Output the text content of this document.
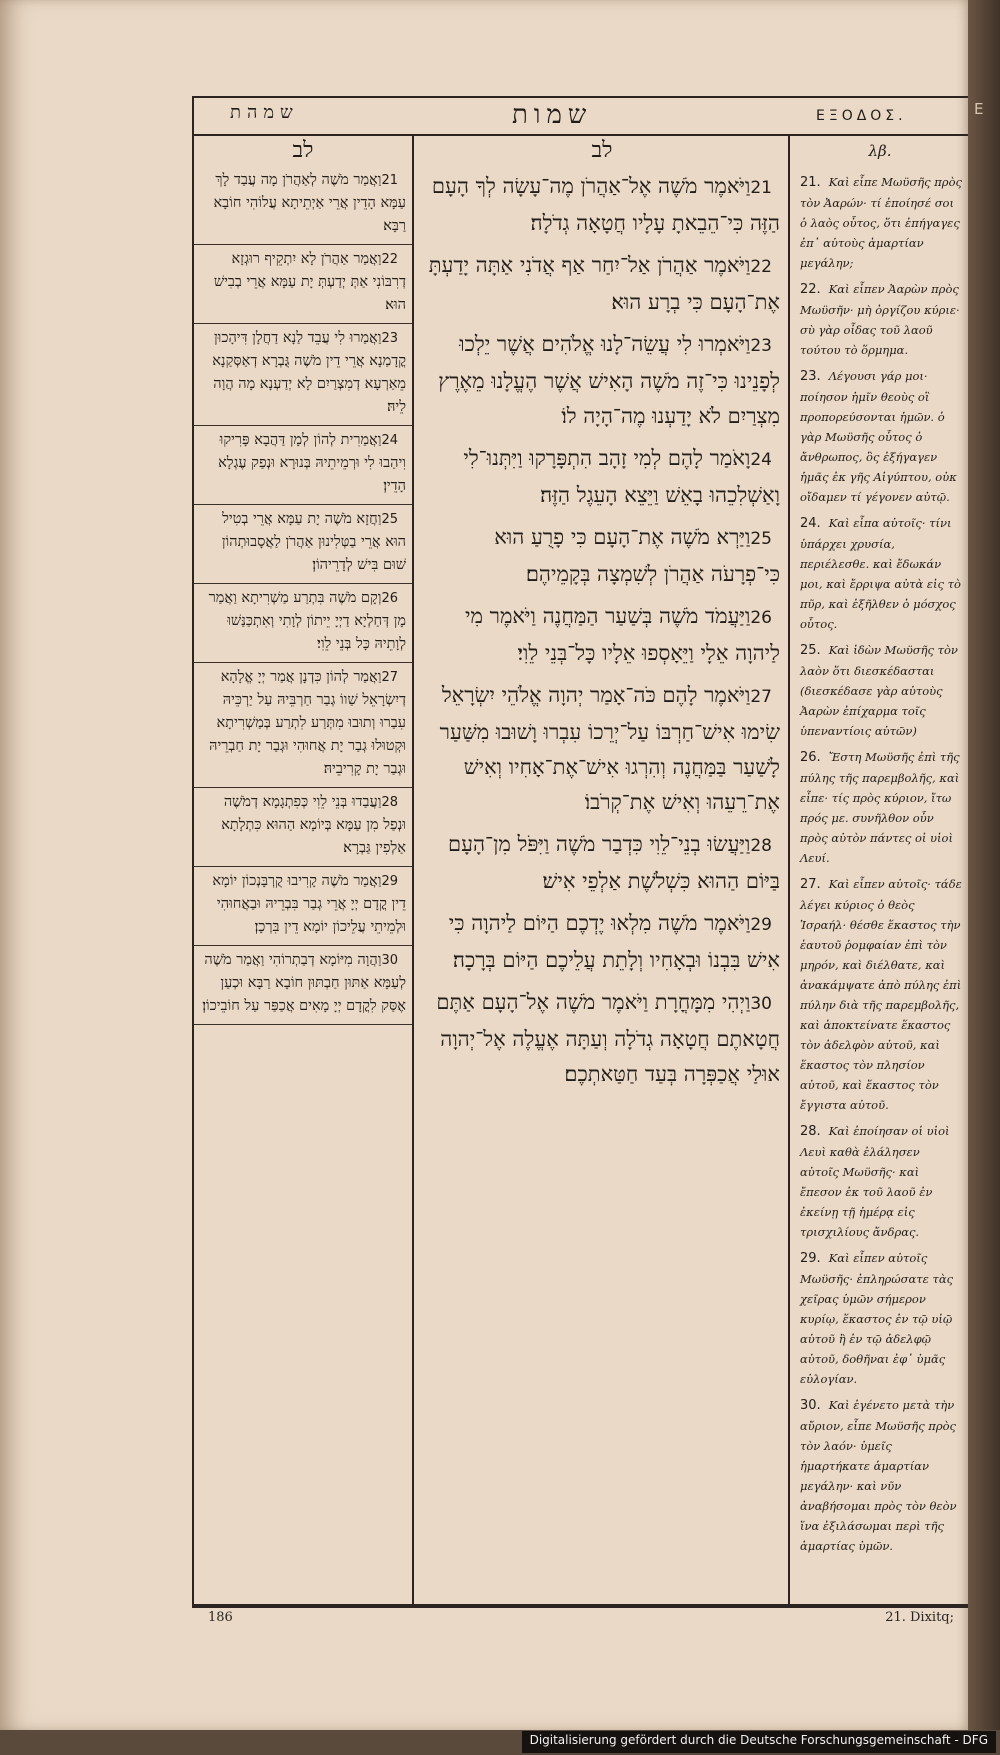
שמהת	שמות	ΕΞΟΔΟΣ.
לב
21וַאֲמַר מֹשֶׁה לְאַהֲרֹן מָה עֲבַד לָךְ עַמָּא הָדֵין אֲרֵי אַיְתֵיתָא עֲלוֹהִי חוֹבָא רַבָּא׃
22וַאֲמַר אַהֲרֹן לָא יִתְקֵיף רוּגְזָא דְרִבּוֹנִי אַתְּ יְדַעְתְּ יָת עַמָּא אֲרֵי בְבִישׁ הוּא׃
23וַאֲמַרוּ לִי עֲבֵד לַנָא דַחֲלָן דִּיהָכוּן קֳדָמַנָא אֲרֵי דֵין מֹשֶׁה גֻּבְרָא דְאַסְּקַנָא מֵאַרְעָא דְמִצְרַיִם לָא יְדַעְנָא מָה הֲוָה לֵיהּ׃
24וַאֲמַרִית לְהוֹן לְמָן דַּהֲבָא פָּרִיקוּ וִיהַבוּ לִי וּרְמֵיתֵיהּ בְּנוּרָא וּנְפַק עֶגְלָא הָדֵין׃
25וַחֲזָא מֹשֶׁה יָת עַמָּא אֲרֵי בְטִיל הוּא אֲרֵי בַטְּלִינוּן אַהֲרֹן לַאֲסָבוּתְהוֹן שׁוּם בִּישׁ לְדָרֵיהוֹן׃
26וְקָם מֹשֶׁה בִּתְרַע מַשְׁרִיתָא וַאֲמַר מָן דְּחַלְיָא דַיְיָ יֵיתוֹן לְוָתִי וְאִתְכַּנַּשׁוּ לְוָתֵיהּ כָּל בְּנֵי לֵוִי׃
27וַאֲמַר לְהוֹן כִּדְנָן אֲמַר יְיָ אֱלָהָא דְיִשְׂרָאֵל שַׁווֹ גְבַר חַרְבֵּיהּ עַל יַרְכֵּיהּ עִבַרוּ וְתוּבוּ מִתְּרַע לִתְרַע בְּמַשְׁרִיתָא וּקְטוּלוּ גְבַר יָת אֲחוּהִי וּגְבַר יָת חַבְרֵיהּ וּגְבַר יָת קָרִיבֵיהּ׃
28וַעֲבַדוּ בְּנֵי לֵוִי כְּפִתְגָמָא דְמֹשֶׁה וּנְפַל מִן עַמָּא בְּיוֹמָא הַהוּא כִּתְלָתָא אַלְפִין גַּבְרָא׃
29וַאֲמַר מֹשֶׁה קָרִיבוּ קֻרְבָּנְכוֹן יוֹמָא דֵין קֳדָם יְיָ אֲרֵי גְבַר בִּבְרֵיהּ וּבַאֲחוּהִי וּלְמֵיתֵי עֲלֵיכוֹן יוֹמָא דֵין בִּרְכָן׃
30וַהֲוָה מִיּוֹמָא דְבַתְרוֹהִי וַאֲמַר מֹשֶׁה לְעַמָּא אַתּוּן חַבְתּוּן חוֹבָא רַבָּא וּכְעַן אֶסַּק לִקֳדָם יְיָ מָאִים אֲכַפַּר עַל חוֹבֵיכוֹן׃
לב
21וַיֹּאמֶר מֹשֶׁה אֶל־אַהֲרֹן מֶה־עָשָׂה לְךָ הָעָם הַזֶּה כִּי־הֵבֵאתָ עָלָיו חֲטָאָה גְדֹלָה׃
22וַיֹּאמֶר אַהֲרֹן אַל־יִחַר אַף אֲדֹנִי אַתָּה יָדַעְתָּ אֶת־הָעָם כִּי בְרָע הוּא׃
23וַיֹּאמְרוּ לִי עֲשֵׂה־לָנוּ אֱלֹהִים אֲשֶׁר יֵלְכוּ לְפָנֵינוּ כִּי־זֶה מֹשֶׁה הָאִישׁ אֲשֶׁר הֶעֱלָנוּ מֵאֶרֶץ מִצְרַיִם לֹא יָדַעְנוּ מֶה־הָיָה לוֹ׃
24וָאֹמַר לָהֶם לְמִי זָהָב הִתְפָּרָקוּ וַיִּתְּנוּ־לִי וָאַשְׁלִכֵהוּ בָאֵשׁ וַיֵּצֵא הָעֵגֶל הַזֶּה׃
25וַיַּרְא מֹשֶׁה אֶת־הָעָם כִּי פָרֻעַ הוּא כִּי־פְרָעֹה אַהֲרֹן לְשִׁמְצָה בְּקָמֵיהֶם׃
26וַיַּעֲמֹד מֹשֶׁה בְּשַׁעַר הַמַּחֲנֶה וַיֹּאמֶר מִי לַיהוָה אֵלָי וַיֵּאָסְפוּ אֵלָיו כָּל־בְּנֵי לֵוִי׃
27וַיֹּאמֶר לָהֶם כֹּה־אָמַר יְהוָה אֱלֹהֵי יִשְׂרָאֵל שִׂימוּ אִישׁ־חַרְבּוֹ עַל־יְרֵכוֹ עִבְרוּ וָשׁוּבוּ מִשַּׁעַר לָשַׁעַר בַּמַּחֲנֶה וְהִרְגוּ אִישׁ־אֶת־אָחִיו וְאִישׁ אֶת־רֵעֵהוּ וְאִישׁ אֶת־קְרֹבוֹ׃
28וַיַּעֲשׂוּ בְנֵי־לֵוִי כִּדְבַר מֹשֶׁה וַיִּפֹּל מִן־הָעָם בַּיּוֹם הַהוּא כִּשְׁלֹשֶׁת אַלְפֵי אִישׁ׃
29וַיֹּאמֶר מֹשֶׁה מִלְאוּ יֶדְכֶם הַיּוֹם לַיהוָה כִּי אִישׁ בִּבְנוֹ וּבְאָחִיו וְלָתֵת עֲלֵיכֶם הַיּוֹם בְּרָכָה׃
30וַיְהִי מִמָּחֳרָת וַיֹּאמֶר מֹשֶׁה אֶל־הָעָם אַתֶּם חֲטָאתֶם חֲטָאָה גְדֹלָה וְעַתָּה אֶעֱלֶה אֶל־יְהוָה אוּלַי אֲכַפְּרָה בְּעַד חַטַּאתְכֶם׃
λβ.
21. Καὶ εἶπε Μωϋσῆς πρὸς τὸν Ἀαρών· τί ἐποίησέ σοι ὁ λαὸς οὗτος, ὅτι ἐπήγαγες ἐπ᾽ αὐτοὺς ἁμαρτίαν μεγάλην;
22. Καὶ εἶπεν Ἀαρὼν πρὸς Μωϋσῆν· μὴ ὀργίζου κύριε· σὺ γὰρ οἶδας τοῦ λαοῦ τούτου τὸ ὅρμημα.
23. Λέγουσι γάρ μοι· ποίησον ἡμῖν θεοὺς οἳ προπορεύσονται ἡμῶν. ὁ γὰρ Μωϋσῆς οὗτος ὁ ἄνθρωπος, ὃς ἐξήγαγεν ἡμᾶς ἐκ γῆς Αἰγύπτου, οὐκ οἴδαμεν τί γέγονεν αὐτῷ.
24. Καὶ εἶπα αὐτοῖς· τίνι ὑπάρχει χρυσία, περιέλεσθε. καὶ ἔδωκάν μοι, καὶ ἔρριψα αὐτὰ εἰς τὸ πῦρ, καὶ ἐξῆλθεν ὁ μόσχος οὗτος.
25. Καὶ ἰδὼν Μωϋσῆς τὸν λαὸν ὅτι διεσκέδασται (διεσκέδασε γὰρ αὐτοὺς Ἀαρὼν ἐπίχαρμα τοῖς ὑπεναντίοις αὐτῶν)
26. Ἔστη Μωϋσῆς ἐπὶ τῆς πύλης τῆς παρεμβολῆς, καὶ εἶπε· τίς πρὸς κύριον, ἴτω πρός με. συνῆλθον οὖν πρὸς αὐτὸν πάντες οἱ υἱοὶ Λευί.
27. Καὶ εἶπεν αὐτοῖς· τάδε λέγει κύριος ὁ θεὸς Ἰσραήλ· θέσθε ἕκαστος τὴν ἑαυτοῦ ῥομφαίαν ἐπὶ τὸν μηρόν, καὶ διέλθατε, καὶ ἀνακάμψατε ἀπὸ πύλης ἐπὶ πύλην διὰ τῆς παρεμβολῆς, καὶ ἀποκτείνατε ἕκαστος τὸν ἀδελφὸν αὐτοῦ, καὶ ἕκαστος τὸν πλησίον αὐτοῦ, καὶ ἕκαστος τὸν ἔγγιστα αὐτοῦ.
28. Καὶ ἐποίησαν οἱ υἱοὶ Λευὶ καθὰ ἐλάλησεν αὐτοῖς Μωϋσῆς· καὶ ἔπεσον ἐκ τοῦ λαοῦ ἐν ἐκείνῃ τῇ ἡμέρᾳ εἰς τρισχιλίους ἄνδρας.
29. Καὶ εἶπεν αὐτοῖς Μωϋσῆς· ἐπληρώσατε τὰς χεῖρας ὑμῶν σήμερον κυρίῳ, ἕκαστος ἐν τῷ υἱῷ αὐτοῦ ἢ ἐν τῷ ἀδελφῷ αὐτοῦ, δοθῆναι ἐφ᾽ ὑμᾶς εὐλογίαν.
30. Καὶ ἐγένετο μετὰ τὴν αὔριον, εἶπε Μωϋσῆς πρὸς τὸν λαόν· ὑμεῖς ἡμαρτήκατε ἁμαρτίαν μεγάλην· καὶ νῦν ἀναβήσομαι πρὸς τὸν θεὸν ἵνα ἐξιλάσωμαι περὶ τῆς ἁμαρτίας ὑμῶν.
186	21. Dixitq;
E
Digitalisierung gefördert durch die Deutsche Forschungsgemeinschaft - DFG
